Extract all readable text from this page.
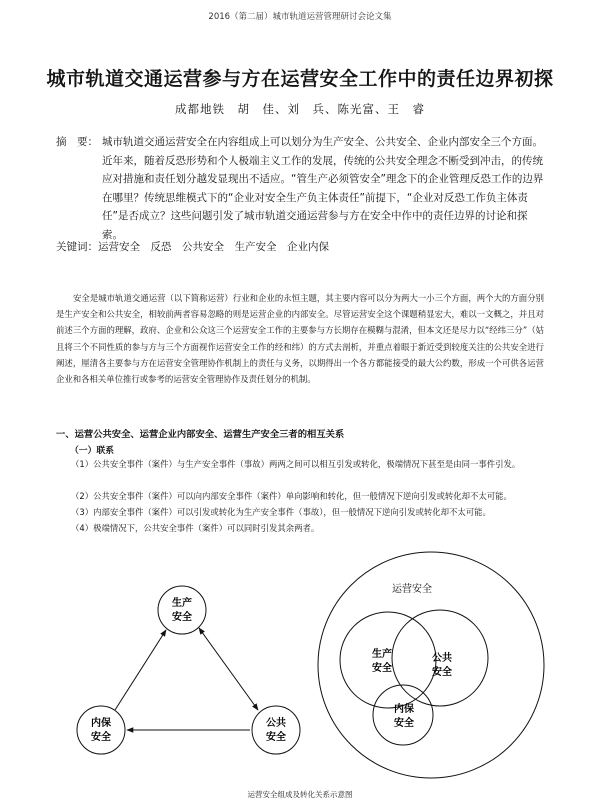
2016（第二届）城市轨道运营管理研讨会论文集
城市轨道交通运营参与方在运营安全工作中的责任边界初探
成都地铁　胡　佳、刘　兵、陈光富、王　睿
摘　要： 城市轨道交通运营安全在内容组成上可以划分为生产安全、公共安全、企业内部安全三个方面。近年来，随着反恐形势和个人极端主义工作的发展，传统的公共安全理念不断受到冲击，的传统应对措施和责任划分越发显现出不适应。“管生产必须管安全”理念下的企业管理反恐工作的边界在哪里？传统思维模式下的“企业对安全生产负主体责任”前提下，“企业对反恐工作负主体责任”是否成立？这些问题引发了城市轨道交通运营参与方在安全中作中的责任边界的讨论和探索。
关键词：运营安全　反恐　公共安全　生产安全　企业内保

安全是城市轨道交通运营（以下简称运营）行业和企业的永恒主题，其主要内容可以分为两大一小三个方面，两个大的方面分别是生产安全和公共安全，相较前两者容易忽略的则是运营企业的内部安全。尽管运营安全这个课题稍显宏大，难以一文概之，并且对前述三个方面的理解，政府、企业和公众这三个运营安全工作的主要参与方长期存在模糊与混淆，但本文还是尽力以“经纬三分”（姑且将三个不同性质的参与方与三个方面视作运营安全工作的经和纬）的方式去剖析，并重点着眼于新近受到较度关注的公共安全进行阐述，厘清各主要参与方在运营安全管理协作机制上的责任与义务，以期得出一个各方都能接受的最大公约数，形成一个可供各运营企业和各相关单位推行或参考的运营安全管理协作及责任划分的机制。

一、运营公共安全、运营企业内部安全、运营生产安全三者的相互关系
（一）联系

（1）公共安全事件（案件）与生产安全事件（事故）两两之间可以相互引发或转化，极端情况下甚至是由同一事件引发。

（2）公共安全事件（案件）可以向内部安全事件（案件）单向影响和转化，但一般情况下逆向引发或转化却不太可能。

（3）内部安全事件（案件）可以引发或转化为生产安全事件（事故），但一般情况下逆向引发或转化却不太可能。

（4）极端情况下，公共安全事件（案件）可以同时引发其余两者。

生产
安全
内保
安全
公共
安全
运营安全
生产
安全
公共
安全
内保
安全
运营安全组成及转化关系示意图
